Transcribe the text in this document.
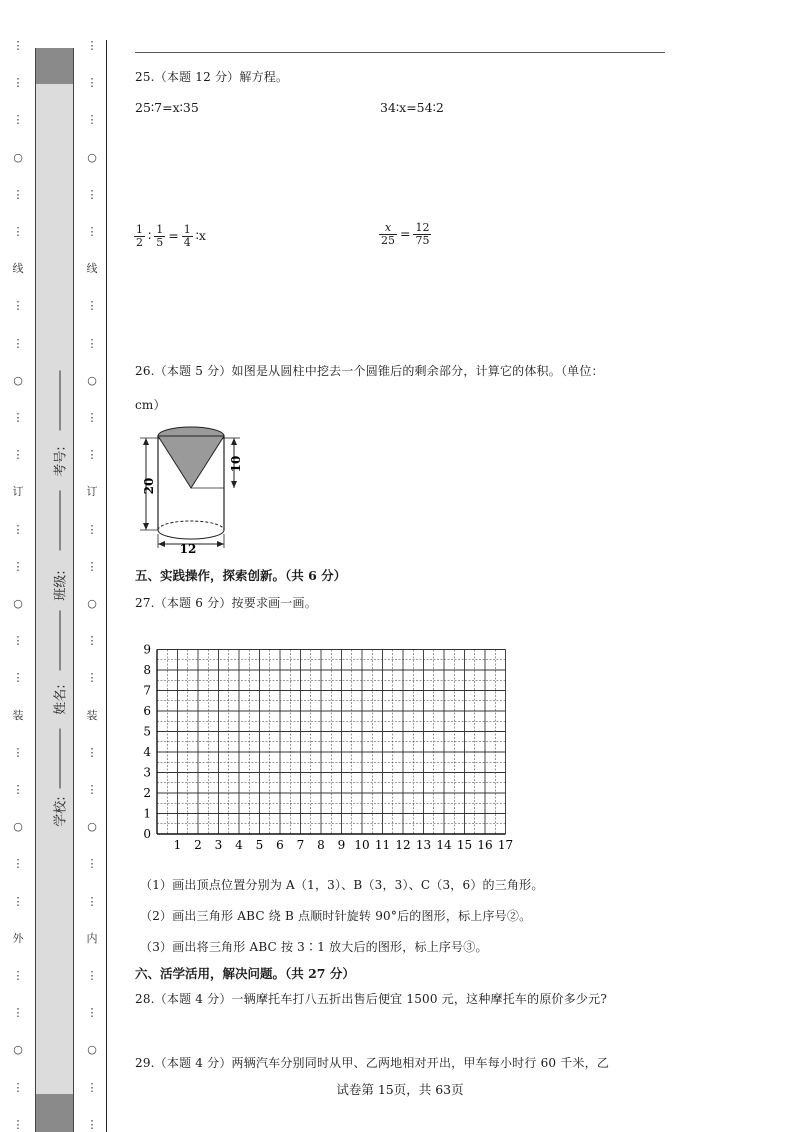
⋮
⋮
⋮
○
⋮
⋮
线
⋮
⋮
○
⋮
⋮
订
⋮
⋮
○
⋮
⋮
装
⋮
⋮
○
⋮
⋮
外
⋮
⋮
○
⋮
⋮
考号:
班级:
姓名:
学校:
⋮
⋮
⋮
○
⋮
⋮
线
⋮
⋮
○
⋮
⋮
订
⋮
⋮
○
⋮
⋮
装
⋮
⋮
○
⋮
⋮
内
⋮
⋮
○
⋮
⋮
25.（本题 12 分）解方程。
25∶7=x∶35	34∶x=54∶2
$\frac{1}{2}$ ∶ $\frac{1}{5} = \frac{1}{4}$ ∶x	$\frac{x}{25} = \frac{12}{75}$
26.（本题 5 分）如图是从圆柱中挖去一个圆锥后的剩余部分，计算它的体积。（单位：
cm）
20
10
12
五、实践操作，探索创新。（共 6 分）
27.（本题 6 分）按要求画一画。
1 2 3 4 5 6 7 8 9 10 11 12 13 14 15 16 17
0
1
2
3
4
5
6
7
8
9
（1）画出顶点位置分别为 A（1，3）、B（3，3）、C（3，6）的三角形。
（2）画出三角形 ABC 绕 B 点顺时针旋转 90°后的图形，标上序号②。
（3）画出将三角形 ABC 按 3∶1 放大后的图形，标上序号③。
六、活学活用，解决问题。（共 27 分）
28.（本题 4 分）一辆摩托车打八五折出售后便宜 1500 元，这种摩托车的原价多少元?
29.（本题 4 分）两辆汽车分别同时从甲、乙两地相对开出，甲车每小时行 60 千米，乙
试卷第 15页，共 63页
